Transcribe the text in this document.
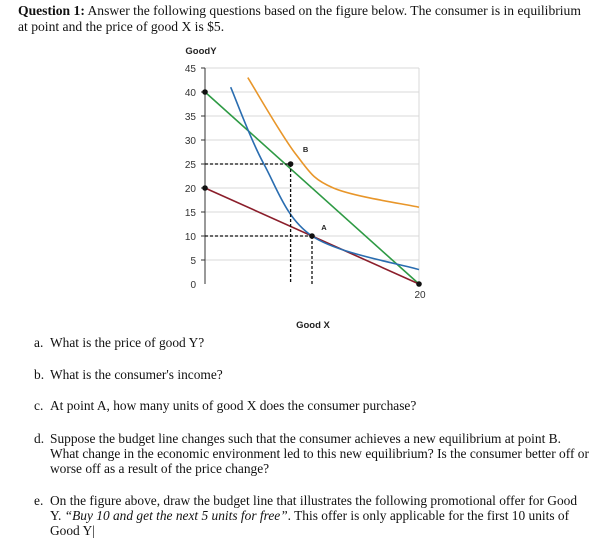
Question 1: Answer the following questions based on the figure below. The consumer is in equilibrium
at point and the price of good X is $5.
45
40
35
30
25
20
15
10
5
0
GoodY
Good X
20
B
A
a. What is the price of good Y?
b. What is the consumer's income?
c. At point A, how many units of good X does the consumer purchase?
d. Suppose the budget line changes such that the consumer achieves a new equilibrium at point B. What change in the economic environment led to this new equilibrium? Is the consumer better off or worse off as a result of the price change?
e. On the figure above, draw the budget line that illustrates the following promotional offer for Good Y. “Buy 10 and get the next 5 units for free”. This offer is only applicable for the first 10 units of Good Y|
